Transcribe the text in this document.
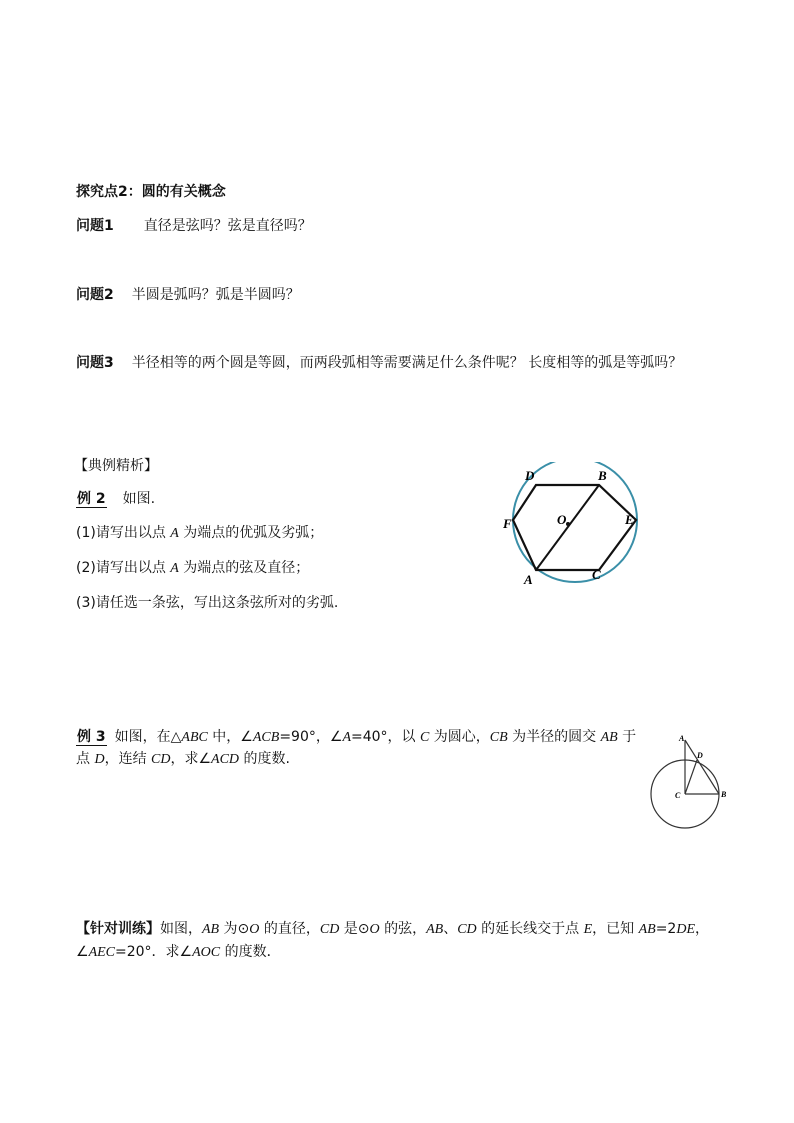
探究点2：圆的有关概念
问题1 直径是弦吗？弦是直径吗？
问题2 半圆是弧吗？弧是半圆吗？
问题3 半径相等的两个圆是等圆，而两段弧相等需要满足什么条件呢？ 长度相等的弧是等弧吗？
【典例精析】
例 2 如图.
(1)请写出以点 A 为端点的优弧及劣弧；
(2)请写出以点 A 为端点的弦及直径；
(3)请任选一条弦，写出这条弦所对的劣弧.
D	B
F	O	E
A	C
例 3 如图，在△ABC 中，∠ACB=90°，∠A=40°，以 C 为圆心，CB 为半径的圆交 AB 于
点 D，连结 CD，求∠ACD 的度数.
A
D
C	B
【针对训练】如图，AB 为⊙O 的直径，CD 是⊙O 的弦，AB、CD 的延长线交于点 E，已知 AB=2DE，
∠AEC=20°．求∠AOC 的度数．
